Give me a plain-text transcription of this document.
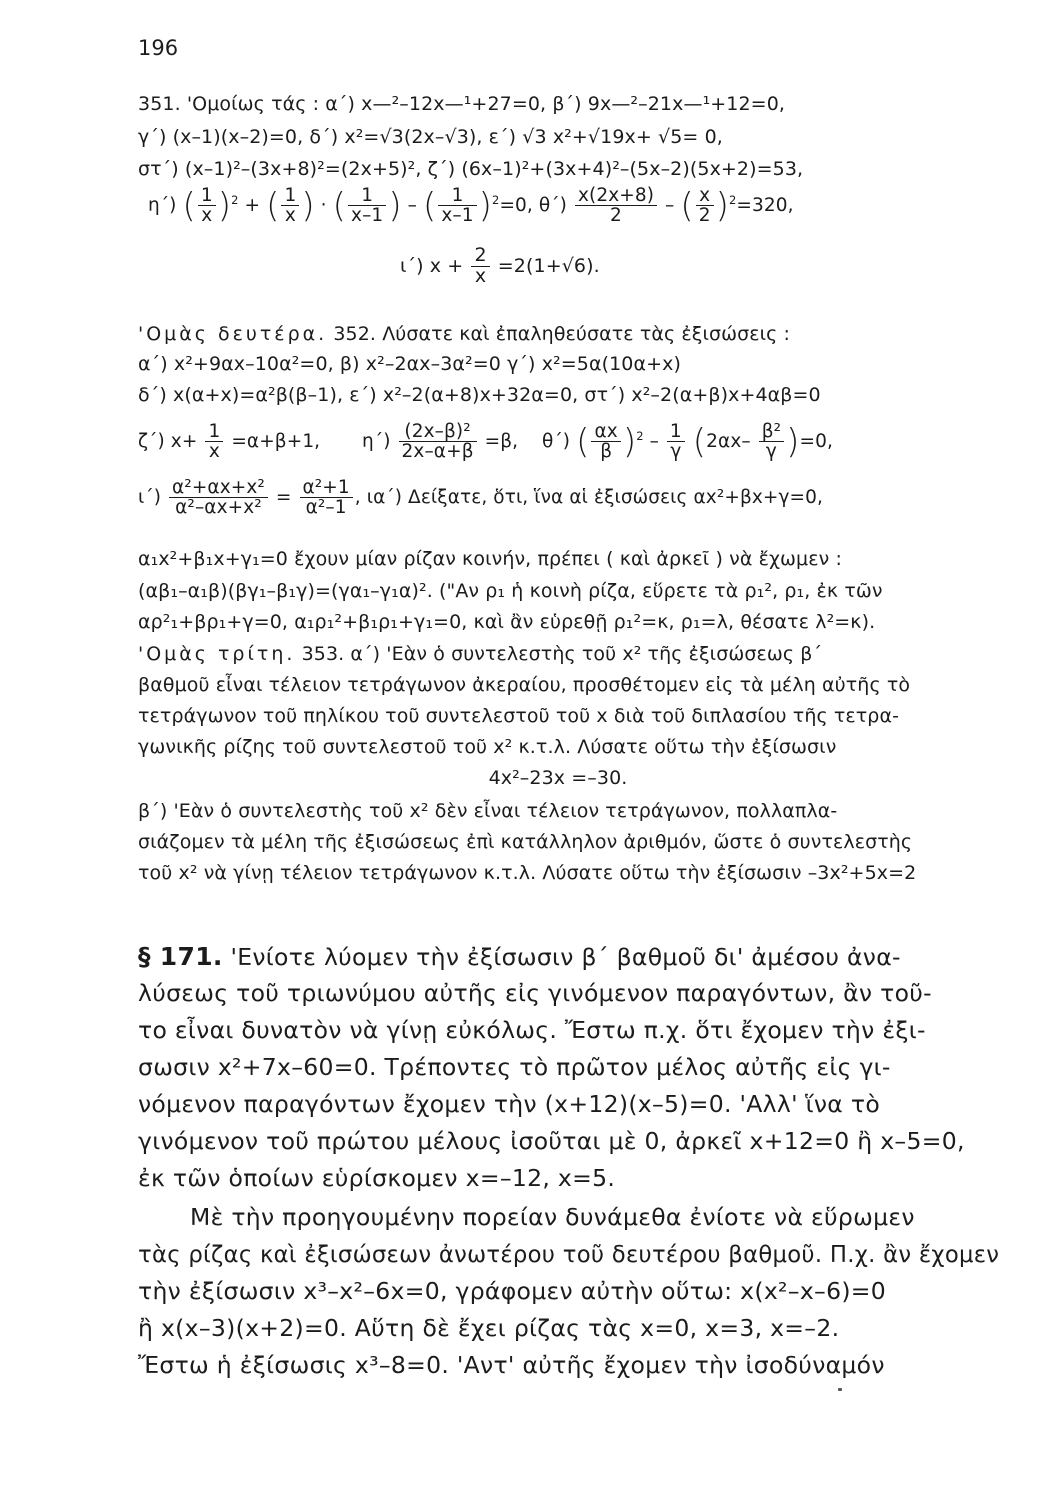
196
351. 'Ομοίως τάς : α΄) x—²–12x—¹+27=0, β΄) 9x—²–21x—¹+12=0,
γ΄) (x–1)(x–2)=0, δ΄) x²=√3(2x–√3), ε΄) √3 x²+√19x+ √5= 0,
στ΄) (x–1)²–(3x+8)²=(2x+5)², ζ΄) (6x–1)²+(3x+4)²–(5x–2)(5x+2)=53,
η΄) ( $\frac{1}{x} )^2$ + ( $\frac{1}{x}$ ) · ( $\frac{1}{x-1}$ ) – ( $\frac{1}{x-1} )^2=0$, $\theta΄) \frac{x(2x+8)}{2}$ – ( $\frac{x}{2} )^2=320$,
ι΄) $x + \frac{2}{x} =2(1+√6)$.
'Ομὰς δευτέρα. 352. Λύσατε καὶ ἐπαληθεύσατε τὰς ἐξισώσεις :
α΄) x²+9αx–10α²=0, β) x²–2αx–3α²=0 γ΄) x²=5α(10α+x)
δ΄) x(α+x)=α²β(β–1), ε΄) x²–2(α+8)x+32α=0, στ΄) x²–2(α+β)x+4αβ=0
ζ΄) $x+ \frac{1}{x} =\alpha+\beta+1$, $\eta΄) \frac{\text{(2x–β)²}}{2x-\alpha+\beta} =\beta$, θ΄) ( $\frac{\alpha x}{\beta} )^2 - \frac{1}{\gamma} (2\alpha x- \frac{\text{β²}}{\gamma} )=0$,
$\iota΄) \frac{\text{α²+αx+x²}}{\text{α²–αx+x²}} = \frac{\text{α²+1}}{\text{α²–1}}$ , ια΄) Δείξατε, ὅτι, ἵνα αἱ ἐξισώσεις αx²+βx+γ=0,
α₁x²+β₁x+γ₁=0 ἔχουν μίαν ρίζαν κοινήν, πρέπει ( καὶ ἀρκεῖ ) νὰ ἔχωμεν :
(αβ₁–α₁β)(βγ₁–β₁γ)=(γα₁–γ₁α)². ("Αν ρ₁ ἡ κοινὴ ρίζα, εὕρετε τὰ ρ₁², ρ₁, ἐκ τῶν
αρ²₁+βρ₁+γ=0, α₁ρ₁²+β₁ρ₁+γ₁=0, καὶ ἂν εὑρεθῇ ρ₁²=κ, ρ₁=λ, θέσατε λ²=κ).
'Ομὰς τρίτη. 353. α΄) 'Εὰν ὁ συντελεστὴς τοῦ x² τῆς ἐξισώσεως β΄
βαθμοῦ εἶναι τέλειον τετράγωνον ἀκεραίου, προσθέτομεν εἰς τὰ μέλη αὐτῆς τὸ
τετράγωνον τοῦ πηλίκου τοῦ συντελεστοῦ τοῦ x διὰ τοῦ διπλασίου τῆς τετρα-
γωνικῆς ρίζης τοῦ συντελεστοῦ τοῦ x² κ.τ.λ. Λύσατε οὕτω τὴν ἐξίσωσιν
4x²–23x =–30.
β΄) 'Εὰν ὁ συντελεστὴς τοῦ x² δὲν εἶναι τέλειον τετράγωνον, πολλαπλα-
σιάζομεν τὰ μέλη τῆς ἐξισώσεως ἐπὶ κατάλληλον ἀριθμόν, ὥστε ὁ συντελεστὴς
τοῦ x² νὰ γίνῃ τέλειον τετράγωνον κ.τ.λ. Λύσατε οὕτω τὴν ἐξίσωσιν –3x²+5x=2
§ 171. 'Ενίοτε λύομεν τὴν ἐξίσωσιν β΄ βαθμοῦ δι' ἀμέσου ἀνα-
λύσεως τοῦ τριωνύμου αὐτῆς εἰς γινόμενον παραγόντων, ἂν τοῦ-
το εἶναι δυνατὸν νὰ γίνῃ εὐκόλως. Ἔστω π.χ. ὅτι ἔχομεν τὴν ἐξι-
σωσιν x²+7x–60=0. Τρέποντες τὸ πρῶτον μέλος αὐτῆς εἰς γι-
νόμενον παραγόντων ἔχομεν τὴν (x+12)(x–5)=0. 'Αλλ' ἵνα τὸ
γινόμενον τοῦ πρώτου μέλους ἰσοῦται μὲ 0, ἀρκεῖ x+12=0 ἢ x–5=0,
ἐκ τῶν ὁποίων εὑρίσκομεν x=–12, x=5.
Μὲ τὴν προηγουμένην πορείαν δυνάμεθα ἐνίοτε νὰ εὕρωμεν
τὰς ρίζας καὶ ἐξισώσεων ἀνωτέρου τοῦ δευτέρου βαθμοῦ. Π.χ. ἂν ἔχομεν
τὴν ἐξίσωσιν x³–x²–6x=0, γράφομεν αὐτὴν οὕτω: x(x²–x–6)=0
ἢ x(x–3)(x+2)=0. Αὕτη δὲ ἔχει ρίζας τὰς x=0, x=3, x=–2.
Ἔστω ἡ ἐξίσωσις x³–8=0. 'Αντ' αὐτῆς ἔχομεν τὴν ἰσοδύναμόν
